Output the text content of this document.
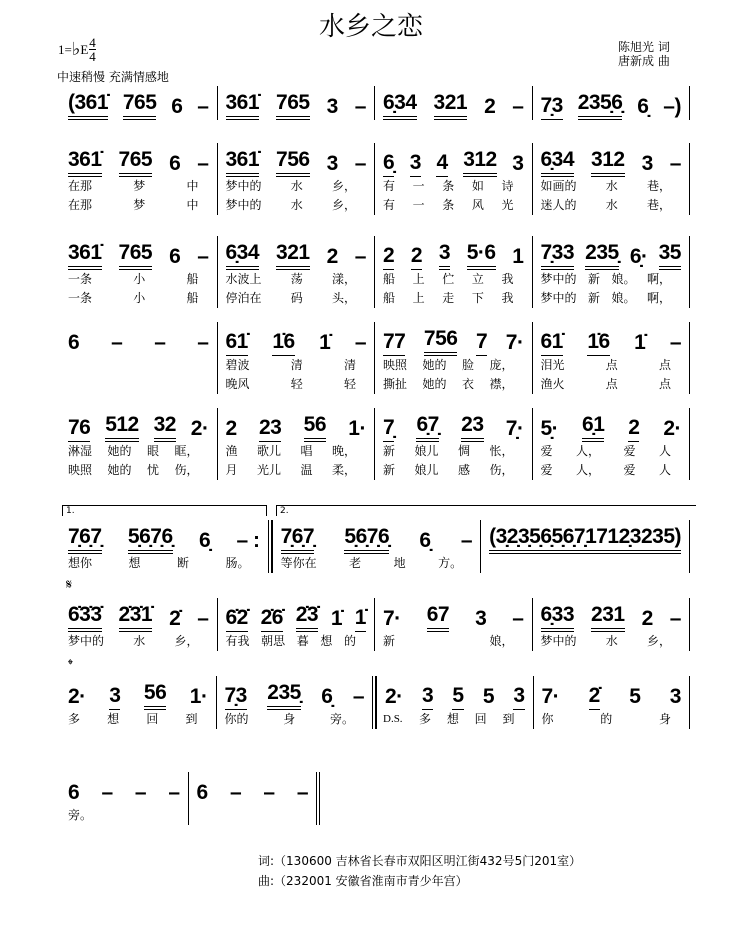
水乡之恋
1= ♭ E $\frac{4}{4}$
中速稍慢 充满情感地
陈旭光 词
唐新成 曲
(361̇ 765 6 – 361̇ 765 3 – 6̣34 321 2 – 7̣3 235̣6̣ 6̣ –)
361̇ 765 6 –
在那	梦	中
在那	梦	中
361̇ 756 3 –
梦中的 水 乡，
梦中的 水 乡，
6̣ 3 4 312 3
有 一 条 如 诗
有 一 条 风 光
6̣34 312 3 –
如画的 水 巷，
迷人的 水 巷，
361̇ 765 6 –
一条	小	船
一条	小	船
6̣34 321 2 –
水波上 荡 漾，
停泊在 码 头，
2 2 3 5·6 1
船 上 伫 立 我
船 上 走 下 我
7̣33 235̣ 6̣· 35
梦中的 新 娘。 啊，
梦中的 新 娘。 啊，
6 – – – 61̇ 1̇6 1̇ –
碧波	清	清
晚风	轻	轻
77 756 7 7·
映照 她的 脸 庞，
撕扯 她的 衣 襟，
61̇ 1̇6 1̇ –
泪光	点	点
渔火	点	点
76 512 32 2·
淋湿 她的 眼 眶，
映照 她的 忧 伤，
2 23 56 1·
渔 歌儿 唱 晚，
月 光儿 温 柔，
7̣ 6̣7̣ 23 7̣·
新 娘儿 惆 怅，
新 娘儿 感 伤，
5̣· 6̣1 2 2·
爱 人， 爱 人
爱 人， 爱 人
7̣6̣7̣ 5̣6̣7̣6̣ 6̣ – :
想你	想	断	肠。
7̣6̣7̣ 5̣6̣7̣6̣ 6̣ –
等你在	老	地	方。
(3̣2̣3̣5̣ 6̣5̣6̣7̣ 1712̣ 3235)
6̇3̇3̇ 2̇3̇1̇ 2̇ –
梦中的 水 乡，
6̇2̇ 2̇6̇ 2̇3̇ 1̇ 1̇
有我 朝思 暮 想 的
7· 67 3 –
新	娘，
6̣33 231 2 –
梦中的 水 乡，
2· 3 56 1·
多 想 回 到
7̣3 235̣ 6̣ –
你的	身	旁。
2· 3 5 5 3
多 想 回 到
7· 2̇ 5 3
你	的	身
6 – – –
旁。
6 – – –
1.	2.
𝄋
𝄌
D.S.
词:（130600 吉林省长春市双阳区明江街432号5门201室）
曲:（232001 安徽省淮南市青少年宫）
